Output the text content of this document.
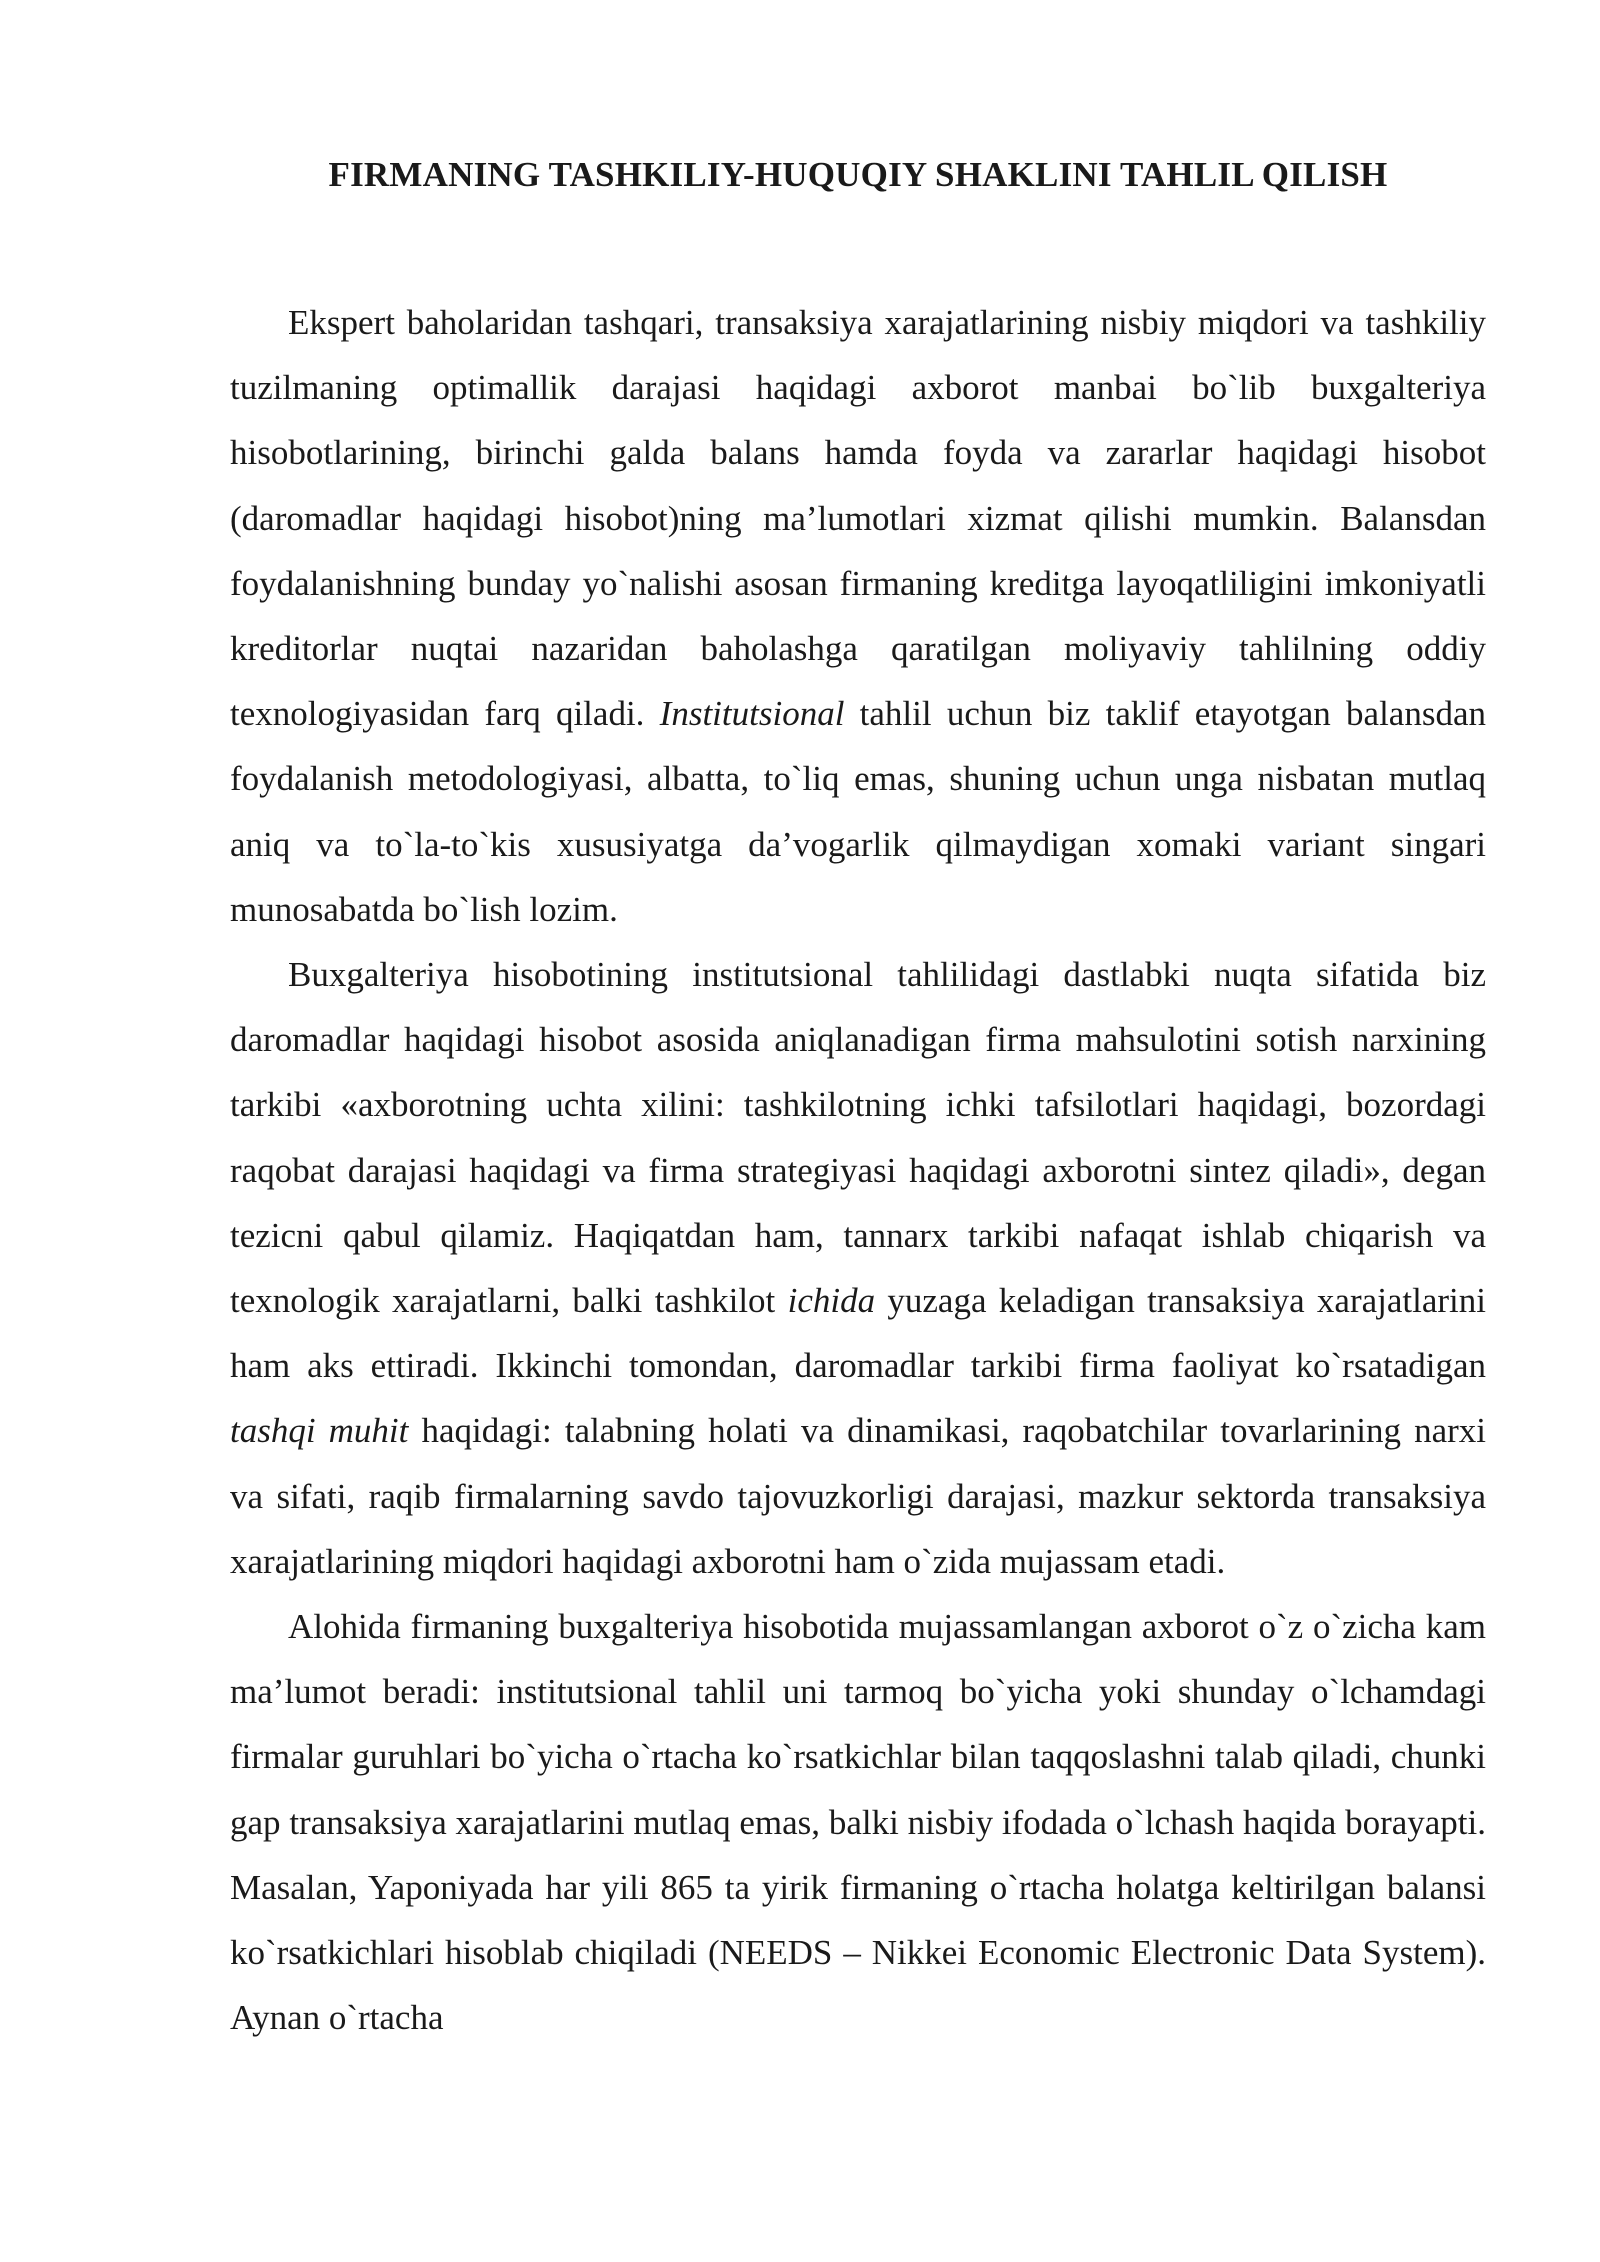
FIRMANING TASHKILIY-HUQUQIY SHAKLINI TAHLIL QILISH

Ekspert baholaridan tashqari, transaksiya xarajatlarining nisbiy miqdori va tashkiliy tuzilmaning optimallik darajasi haqidagi axborot manbai bo`lib buxgalteriya hisobotlarining, birinchi galda balans hamda foyda va zararlar haqidagi hisobot (daromadlar haqidagi hisobot)ning ma’lumotlari xizmat qilishi mumkin. Balansdan foydalanishning bunday yo`nalishi asosan firmaning kreditga layoqatliligini imkoniyatli kreditorlar nuqtai nazaridan baholashga qaratilgan moliyaviy tahlilning oddiy texnologiyasidan farq qiladi. Institutsional tahlil uchun biz taklif etayotgan balansdan foydalanish metodologiyasi, albatta, to`liq emas, shuning uchun unga nisbatan mutlaq aniq va to`la-to`kis xususiyatga da’vogarlik qilmaydigan xomaki variant singari munosabatda bo`lish lozim.

Buxgalteriya hisobotining institutsional tahlilidagi dastlabki nuqta sifatida biz daromadlar haqidagi hisobot asosida aniqlanadigan firma mahsulotini sotish narxining tarkibi «axborotning uchta xilini: tashkilotning ichki tafsilotlari haqidagi, bozordagi raqobat darajasi haqidagi va firma strategiyasi haqidagi axborotni sintez qiladi», degan tezicni qabul qilamiz. Haqiqatdan ham, tannarx tarkibi nafaqat ishlab chiqarish va texnologik xarajatlarni, balki tashkilot ichida yuzaga keladigan transaksiya xarajatlarini ham aks ettiradi. Ikkinchi tomondan, daromadlar tarkibi firma faoliyat ko`rsatadigan tashqi muhit haqidagi: talabning holati va dinamikasi, raqobatchilar tovarlarining narxi va sifati, raqib firmalarning savdo tajovuzkorligi darajasi, mazkur sektorda transaksiya xarajatlarining miqdori haqidagi axborotni ham o`zida mujassam etadi.

Alohida firmaning buxgalteriya hisobotida mujassamlangan axborot o`z o`zicha kam ma’lumot beradi: institutsional tahlil uni tarmoq bo`yicha yoki shunday o`lchamdagi firmalar guruhlari bo`yicha o`rtacha ko`rsatkichlar bilan taqqoslashni talab qiladi, chunki gap transaksiya xarajatlarini mutlaq emas, balki nisbiy ifodada o`lchash haqida borayapti. Masalan, Yaponiyada har yili 865 ta yirik firmaning o`rtacha holatga keltirilgan balansi ko`rsatkichlari hisoblab chiqiladi (NEEDS – Nikkei Economic Electronic Data System). Aynan o`rtacha
